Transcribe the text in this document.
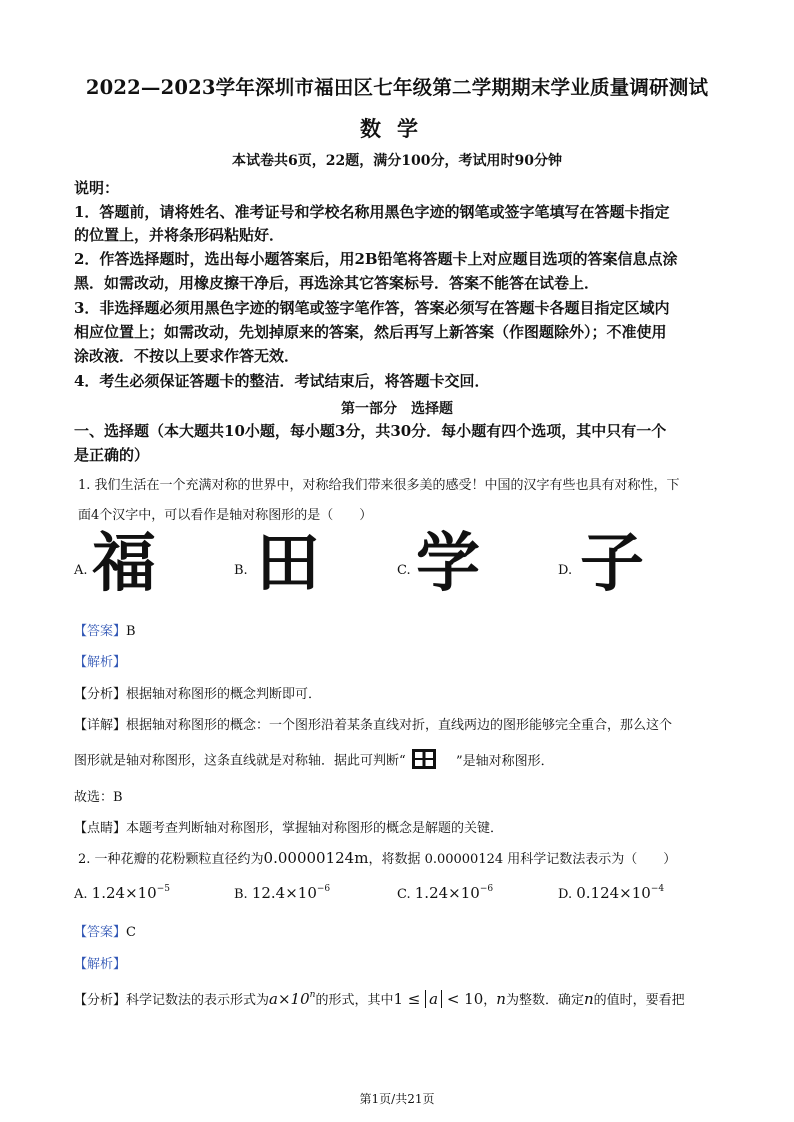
2022—2023学年深圳市福田区七年级第二学期期末学业质量调研测试
数学
本试卷共6页，22题，满分100分，考试用时90分钟
说明：
1．答题前，请将姓名、准考证号和学校名称用黑色字迹的钢笔或签字笔填写在答题卡指定
的位置上，并将条形码粘贴好．
2．作答选择题时，选出每小题答案后，用2B铅笔将答题卡上对应题目选项的答案信息点涂
黑．如需改动，用橡皮擦干净后，再选涂其它答案标号．答案不能答在试卷上．
3．非选择题必须用黑色字迹的钢笔或签字笔作答，答案必须写在答题卡各题目指定区域内
相应位置上；如需改动，先划掉原来的答案，然后再写上新答案（作图题除外）；不准使用
涂改液．不按以上要求作答无效．
4．考生必须保证答题卡的整洁．考试结束后，将答题卡交回．
第一部分　选择题
一、选择题（本大题共10小题，每小题3分，共30分．每小题有四个选项，其中只有一个
是正确的）
1. 我们生活在一个充满对称的世界中，对称给我们带来很多美的感受！中国的汉字有些也具有对称性，下
面4个汉字中，可以看作是轴对称图形的是（　　）
A. 福	B. 田	C. 学	D. 子
【答案】B
【解析】
【分析】根据轴对称图形的概念判断即可．
【详解】根据轴对称图形的概念：一个图形沿着某条直线对折，直线两边的图形能够完全重合，那么这个
图形就是轴对称图形，这条直线就是对称轴．据此可判断“	”是轴对称图形．
故选：B
【点睛】本题考查判断轴对称图形，掌握轴对称图形的概念是解题的关键．
2. 一种花瓣的花粉颗粒直径约为0.00000124m，将数据 0.00000124 用科学记数法表示为（　　）
A. $1.24\times 10^{-5}$	B. $12.4\times 10^{-6}$	C. $1.24\times 10^{-6}$	D. $0.124\times 10^{-4}$
【答案】C
【解析】
【分析】科学记数法的表示形式为$a\times 10^n$的形式，其中1 ≤ a < 10，n为整数．确定n的值时，要看把
第1页/共21页
